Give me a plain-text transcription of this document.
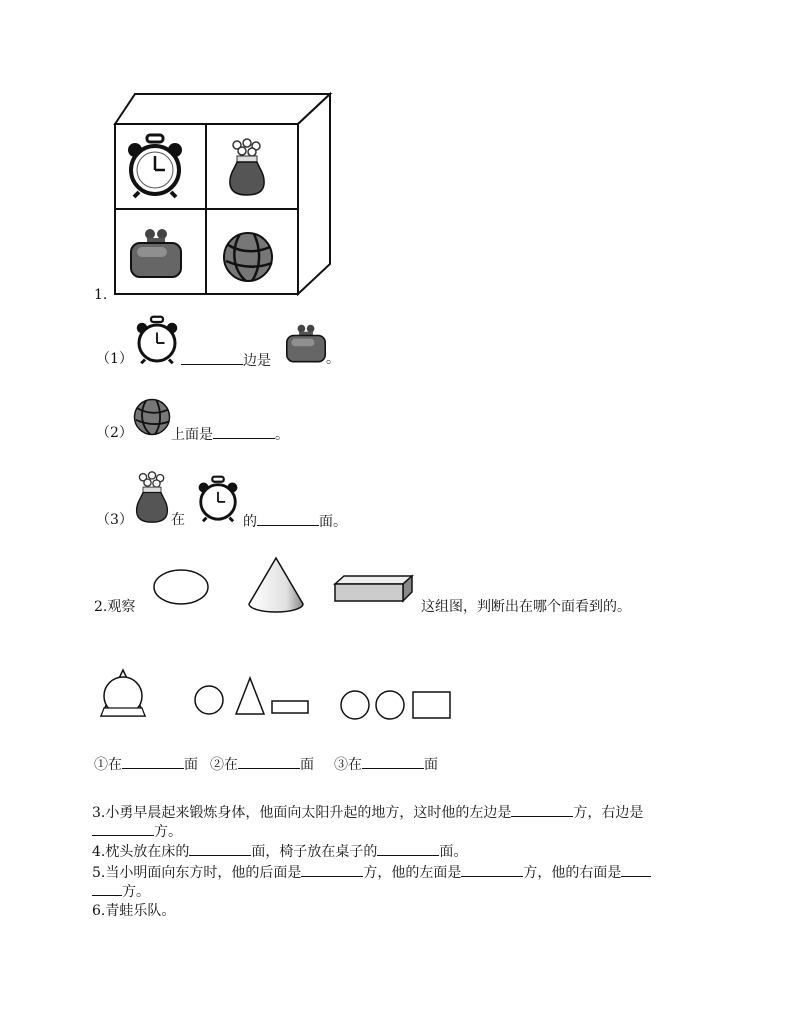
1.
（1）	边是	。
（2）	上面是	。
（3）	在	的	面。
2.观察	这组图，判断出在哪个面看到的。
①在	面 ②在	面 ③在	面
3.小勇早晨起来锻炼身体，他面向太阳升起的地方，这时他的左边是	方，右边是
方。
4.枕头放在床的	面，椅子放在桌子的	面。
5.当小明面向东方时，他的后面是	方，他的左面是	方，他的右面是
方。
6.青蛙乐队。
